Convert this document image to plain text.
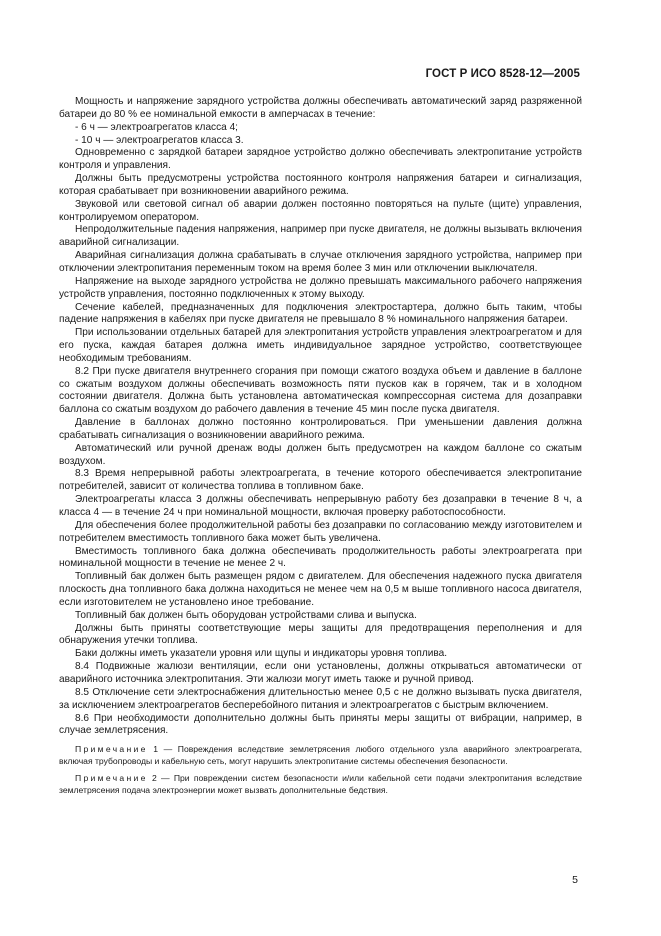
ГОСТ Р ИСО 8528-12—2005

Мощность и напряжение зарядного устройства должны обеспечивать автоматический заряд разряженной батареи до 80 % ее номинальной емкости в амперчасах в течение:

- 6 ч — электроагрегатов класса 4;

- 10 ч — электроагрегатов класса 3.

Одновременно с зарядкой батареи зарядное устройство должно обеспечивать электропитание устройств контроля и управления.

Должны быть предусмотрены устройства постоянного контроля напряжения батареи и сигнализация, которая срабатывает при возникновении аварийного режима.

Звуковой или световой сигнал об аварии должен постоянно повторяться на пульте (щите) управления, контролируемом оператором.

Непродолжительные падения напряжения, например при пуске двигателя, не должны вызывать включения аварийной сигнализации.

Аварийная сигнализация должна срабатывать в случае отключения зарядного устройства, например при отключении электропитания переменным током на время более 3 мин или отключении выключателя.

Напряжение на выходе зарядного устройства не должно превышать максимального рабочего напряжения устройств управления, постоянно подключенных к этому выходу.

Сечение кабелей, предназначенных для подключения электростартера, должно быть таким, чтобы падение напряжения в кабелях при пуске двигателя не превышало 8 % номинального напряжения батареи.

При использовании отдельных батарей для электропитания устройств управления электроагрегатом и для его пуска, каждая батарея должна иметь индивидуальное зарядное устройство, соответствующее необходимым требованиям.

8.2 При пуске двигателя внутреннего сгорания при помощи сжатого воздуха объем и давление в баллоне со сжатым воздухом должны обеспечивать возможность пяти пусков как в горячем, так и в холодном состоянии двигателя. Должна быть установлена автоматическая компрессорная система для дозаправки баллона со сжатым воздухом до рабочего давления в течение 45 мин после пуска двигателя.

Давление в баллонах должно постоянно контролироваться. При уменьшении давления должна срабатывать сигнализация о возникновении аварийного режима.

Автоматический или ручной дренаж воды должен быть предусмотрен на каждом баллоне со сжатым воздухом.

8.3 Время непрерывной работы электроагрегата, в течение которого обеспечивается электропитание потребителей, зависит от количества топлива в топливном баке.

Электроагрегаты класса 3 должны обеспечивать непрерывную работу без дозаправки в течение 8 ч, а класса 4 — в течение 24 ч при номинальной мощности, включая проверку работоспособности.

Для обеспечения более продолжительной работы без дозаправки по согласованию между изготовителем и потребителем вместимость топливного бака может быть увеличена.

Вместимость топливного бака должна обеспечивать продолжительность работы электроагрегата при номинальной мощности в течение не менее 2 ч.

Топливный бак должен быть размещен рядом с двигателем. Для обеспечения надежного пуска двигателя плоскость дна топливного бака должна находиться не менее чем на 0,5 м выше топливного насоса двигателя, если изготовителем не установлено иное требование.

Топливный бак должен быть оборудован устройствами слива и выпуска.

Должны быть приняты соответствующие меры защиты для предотвращения переполнения и для обнаружения утечки топлива.

Баки должны иметь указатели уровня или щупы и индикаторы уровня топлива.

8.4 Подвижные жалюзи вентиляции, если они установлены, должны открываться автоматически от аварийного источника электропитания. Эти жалюзи могут иметь также и ручной привод.

8.5 Отключение сети электроснабжения длительностью менее 0,5 с не должно вызывать пуска двигателя, за исключением электроагрегатов бесперебойного питания и электроагрегатов с быстрым включением.

8.6 При необходимости дополнительно должны быть приняты меры защиты от вибрации, например, в случае землетрясения.

Примечание 1 — Повреждения вследствие землетрясения любого отдельного узла аварийного электроагрегата, включая трубопроводы и кабельную сеть, могут нарушить электропитание системы обеспечения безопасности.

Примечание 2 — При повреждении систем безопасности и/или кабельной сети подачи электропитания вследствие землетрясения подача электроэнергии может вызвать дополнительные бедствия.

5
